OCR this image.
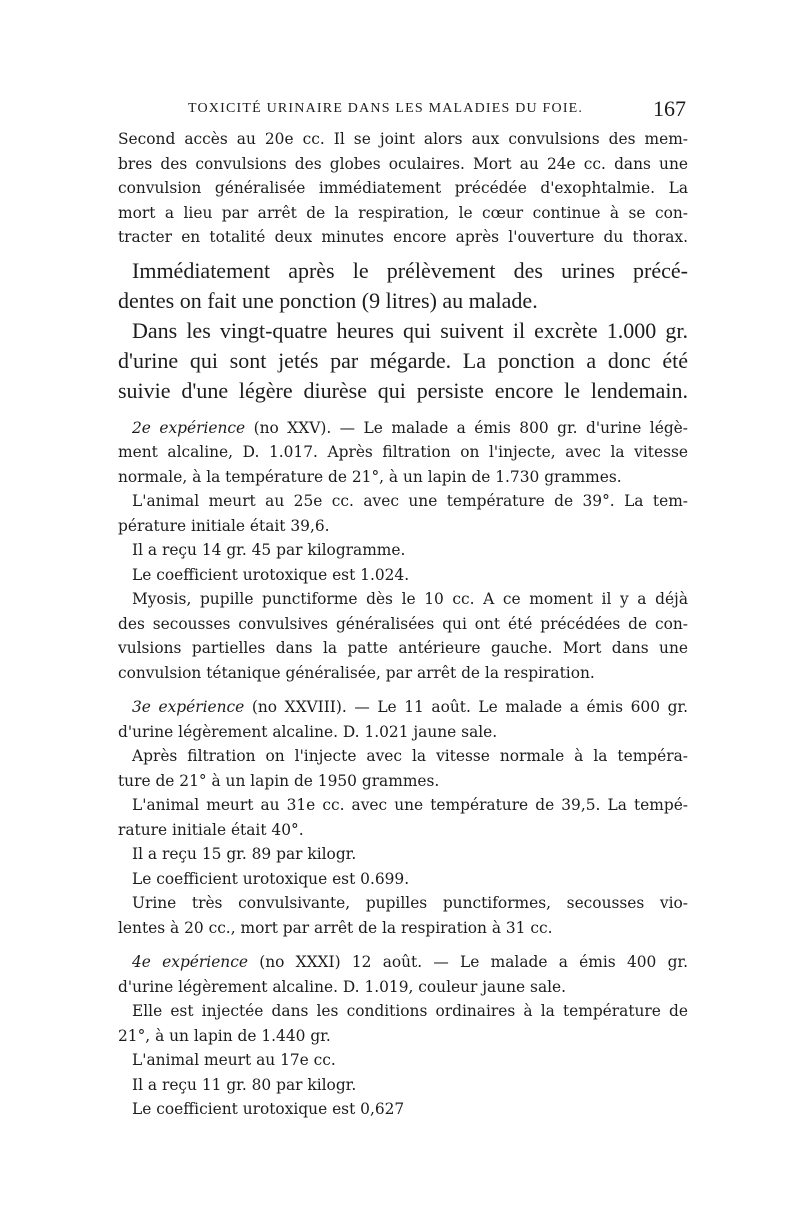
TOXICITÉ URINAIRE DANS LES MALADIES DU FOIE.	167
Second accès au 20e cc. Il se joint alors aux convulsions des mem-
bres des convulsions des globes oculaires. Mort au 24e cc. dans une
convulsion généralisée immédiatement précédée d'exophtalmie. La
mort a lieu par arrêt de la respiration, le cœur continue à se con-
tracter en totalité deux minutes encore après l'ouverture du thorax.
Immédiatement après le prélèvement des urines précé-
dentes on fait une ponction (9 litres) au malade.
Dans les vingt-quatre heures qui suivent il excrète 1.000 gr.
d'urine qui sont jetés par mégarde. La ponction a donc été
suivie d'une légère diurèse qui persiste encore le lendemain.
2e expérience (no XXV). — Le malade a émis 800 gr. d'urine légè-
ment alcaline, D. 1.017. Après filtration on l'injecte, avec la vitesse
normale, à la température de 21°, à un lapin de 1.730 grammes.
L'animal meurt au 25e cc. avec une température de 39°. La tem-
pérature initiale était 39,6.
Il a reçu 14 gr. 45 par kilogramme.
Le coefficient urotoxique est 1.024.
Myosis, pupille punctiforme dès le 10 cc. A ce moment il y a déjà
des secousses convulsives généralisées qui ont été précédées de con-
vulsions partielles dans la patte antérieure gauche. Mort dans une
convulsion tétanique généralisée, par arrêt de la respiration.
3e expérience (no XXVIII). — Le 11 août. Le malade a émis 600 gr.
d'urine légèrement alcaline. D. 1.021 jaune sale.
Après filtration on l'injecte avec la vitesse normale à la tempéra-
ture de 21° à un lapin de 1950 grammes.
L'animal meurt au 31e cc. avec une température de 39,5. La tempé-
rature initiale était 40°.
Il a reçu 15 gr. 89 par kilogr.
Le coefficient urotoxique est 0.699.
Urine très convulsivante, pupilles punctiformes, secousses vio-
lentes à 20 cc., mort par arrêt de la respiration à 31 cc.
4e expérience (no XXXI) 12 août. — Le malade a émis 400 gr.
d'urine légèrement alcaline. D. 1.019, couleur jaune sale.
Elle est injectée dans les conditions ordinaires à la température de
21°, à un lapin de 1.440 gr.
L'animal meurt au 17e cc.
Il a reçu 11 gr. 80 par kilogr.
Le coefficient urotoxique est 0,627
